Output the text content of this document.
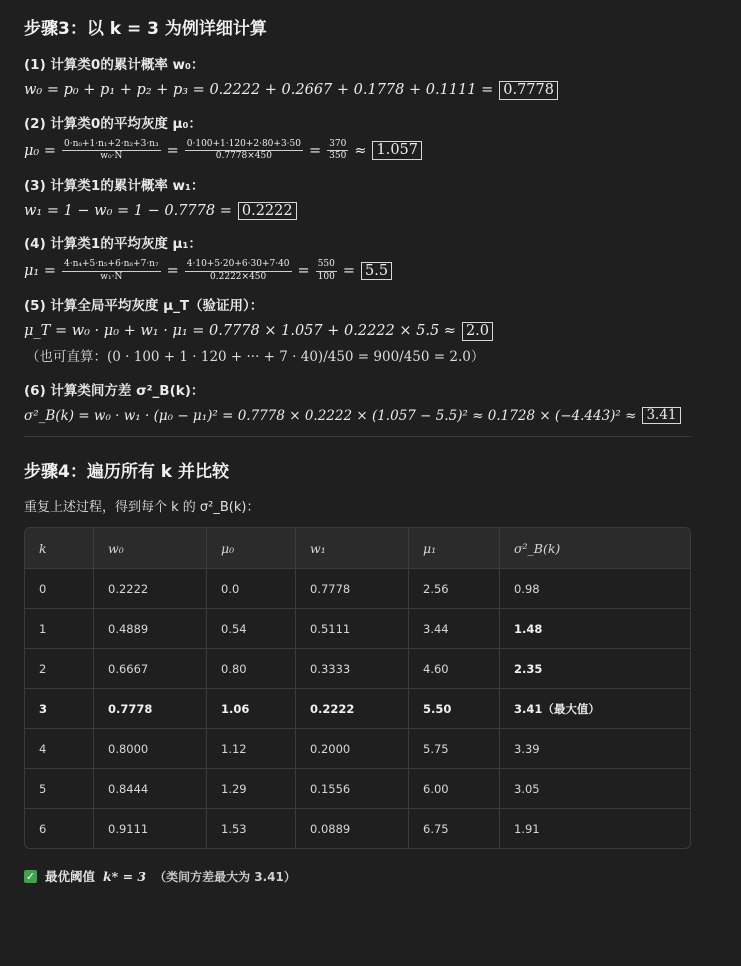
步骤3：以 k = 3 为例详细计算
(1) 计算类0的累计概率 w₀：
w₀ = p₀ + p₁ + p₂ + p₃ = 0.2222 + 0.2667 + 0.1778 + 0.1111 = 0.7778
(2) 计算类0的平均灰度 μ₀：
$\mu_0 = \frac{\text{0·n₀+1·n₁+2·n₂+3·n₃}}{\text{w₀·N}} = \frac{0\cdot 100+1\cdot 120+2\cdot 80+3\cdot 50}{0.7778\times 450} = \frac{370}{350} \approx 1.057$
(3) 计算类1的累计概率 w₁：
w₁ = 1 − w₀ = 1 − 0.7778 = 0.2222
(4) 计算类1的平均灰度 μ₁：
$\mu_1 = \frac{\text{4·n₄+5·n₅+6·n₆+7·n₇}}{\text{w₁·N}} = \frac{4\cdot 10+5\cdot 20+6\cdot 30+7\cdot 40}{0.2222\times 450} = \frac{550}{100} = 5.5$
(5) 计算全局平均灰度 μ_T（验证用）：
μ_T = w₀ · μ₀ + w₁ · μ₁ = 0.7778 × 1.057 + 0.2222 × 5.5 ≈ 2.0
（也可直算：(0 · 100 + 1 · 120 + ··· + 7 · 40)/450 = 900/450 = 2.0）
(6) 计算类间方差 σ²_B(k)：
σ²_B(k) = w₀ · w₁ · (μ₀ − μ₁)² = 0.7778 × 0.2222 × (1.057 − 5.5)² ≈ 0.1728 × (−4.443)² ≈ 3.41
步骤4：遍历所有 k 并比较
重复上述过程，得到每个 k 的 σ²_B(k)：
k	w₀	μ₀	w₁	μ₁	σ²_B(k)
0	0.2222	0.0	0.7778	2.56	0.98
1	0.4889	0.54	0.5111	3.44	1.48
2	0.6667	0.80	0.3333	4.60	2.35
3	0.7778	1.06	0.2222	5.50	3.41（最大值）
4	0.8000	1.12	0.2000	5.75	3.39
5	0.8444	1.29	0.1556	6.00	3.05
6	0.9111	1.53	0.0889	6.75	1.91
✓ 最优阈值 k* = 3 （类间方差最大为 3.41）
